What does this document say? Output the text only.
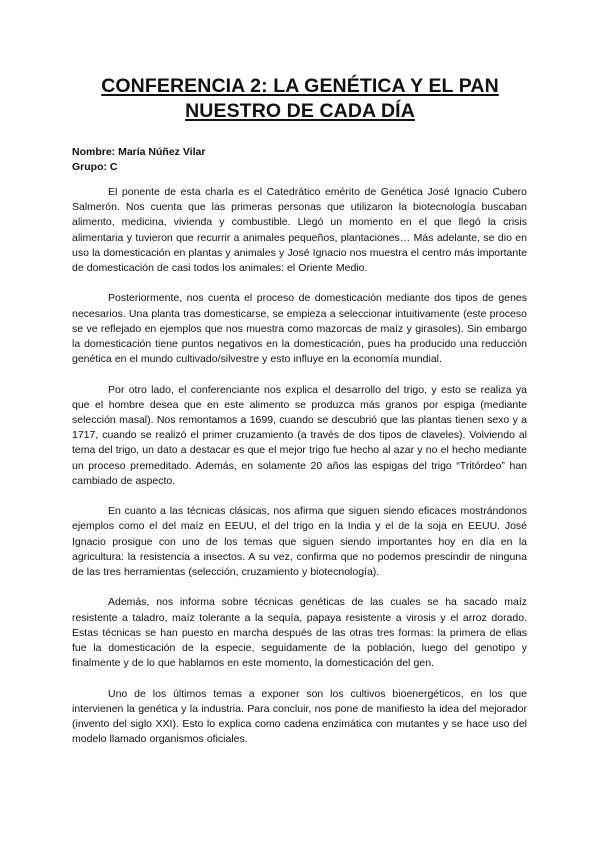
CONFERENCIA 2: LA GENÉTICA Y EL PAN NUESTRO DE CADA DÍA
Nombre: María Núñez Vilar
Grupo: C

El ponente de esta charla es el Catedrático emérito de Genética José Ignacio Cubero Salmerón. Nos cuenta que las primeras personas que utilizaron la biotecnología buscaban alimento, medicina, vivienda y combustible. Llegó un momento en el que llegó la crisis alimentaria y tuvieron que recurrir a animales pequeños, plantaciones… Más adelante, se dio en uso la domesticación en plantas y animales y José Ignacio nos muestra el centro más importante de domesticación de casi todos los animales: el Oriente Medio.

Posteriormente, nos cuenta el proceso de domesticación mediante dos tipos de genes necesarios. Una planta tras domesticarse, se empieza a seleccionar intuitivamente (este proceso se ve reflejado en ejemplos que nos muestra como mazorcas de maíz y girasoles). Sin embargo la domesticación tiene puntos negativos en la domesticación, pues ha producido una reducción genética en el mundo cultivado/silvestre y esto influye en la economía mundial.

Por otro lado, el conferenciante nos explica el desarrollo del trigo, y esto se realiza ya que el hombre desea que en este alimento se produzca más granos por espiga (mediante selección masal). Nos remontamos a 1699, cuando se descubrió que las plantas tienen sexo y a 1717, cuando se realizó el primer cruzamiento (a través de dos tipos de claveles). Volviendo al tema del trigo, un dato a destacar es que el mejor trigo fue hecho al azar y no el hecho mediante un proceso premeditado. Además, en solamente 20 años las espigas del trigo “Tritórdeo” han cambiado de aspecto.

En cuanto a las técnicas clásicas, nos afirma que siguen siendo eficaces mostrándonos ejemplos como el del maíz en EEUU, el del trigo en la India y el de la soja en EEUU. José Ignacio prosigue con uno de los temas que siguen siendo importantes hoy en día en la agricultura: la resistencia a insectos. A su vez, confirma que no podemos prescindir de ninguna de las tres herramientas (selección, cruzamiento y biotecnología).

Además, nos informa sobre técnicas genéticas de las cuales se ha sacado maíz resistente a taladro, maíz tolerante a la sequía, papaya resistente a virosis y el arroz dorado. Estas técnicas se han puesto en marcha después de las otras tres formas: la primera de ellas fue la domesticación de la especie, seguidamente de la población, luego del genotipo y finalmente y de lo que hablamos en este momento, la domesticación del gen.

Uno de los últimos temas a exponer son los cultivos bioenergéticos, en los que intervienen la genética y la industria. Para concluir, nos pone de manifiesto la idea del mejorador (invento del siglo XXI). Esto lo explica como cadena enzimática con mutantes y se hace uso del modelo llamado organismos oficiales.
